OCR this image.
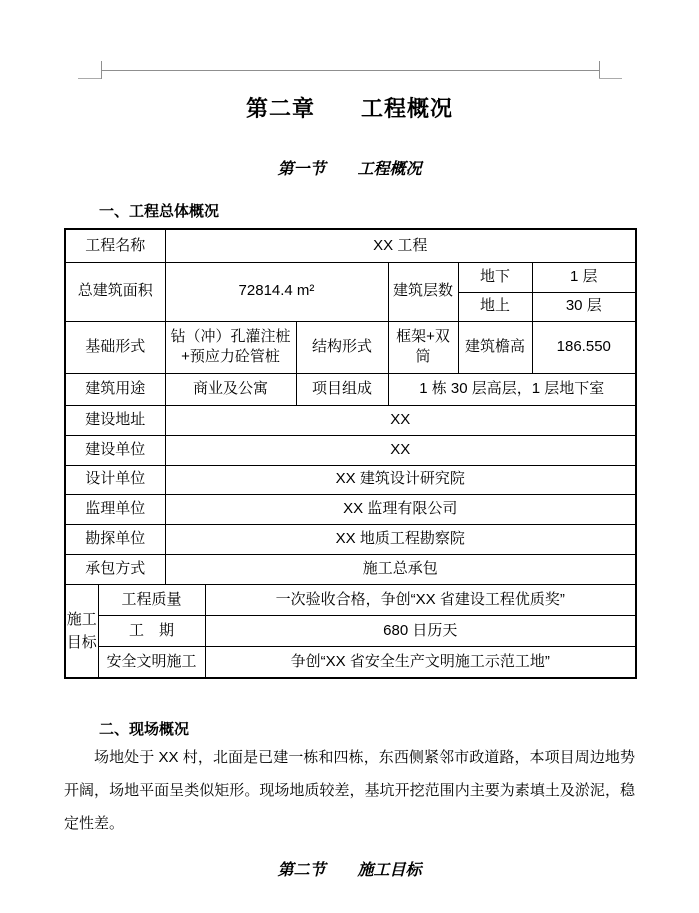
第二章　　工程概况
第一节　　工程概况
一、工程总体概况
工程名称	XX 工程				
总建筑面积	72814.4 m²		建筑层数	地下	1 层
				地上	30 层
基础形式	钻（冲）孔灌注桩+预应力砼管桩	结构形式	框架+双筒	建筑檐高	186.550
建筑用途	商业及公寓	项目组成	1 栋 30 层高层，1 层地下室		
建设地址	XX				
建设单位	XX				
设计单位	XX 建筑设计研究院				
监理单位	XX 监理有限公司				
勘探单位	XX 地质工程勘察院				
承包方式	施工总承包				
施工目标	工程质量	一次验收合格，争创“XX 省建设工程优质奖”
	工　期	680 日历天
	安全文明施工	争创“XX 省安全生产文明施工示范工地”
二、现场概况

场地处于 XX 村，北面是已建一栋和四栋，东西侧紧邻市政道路，本项目周边地势开阔，场地平面呈类似矩形。现场地质较差，基坑开挖范围内主要为素填土及淤泥，稳定性差。

第二节　　施工目标
